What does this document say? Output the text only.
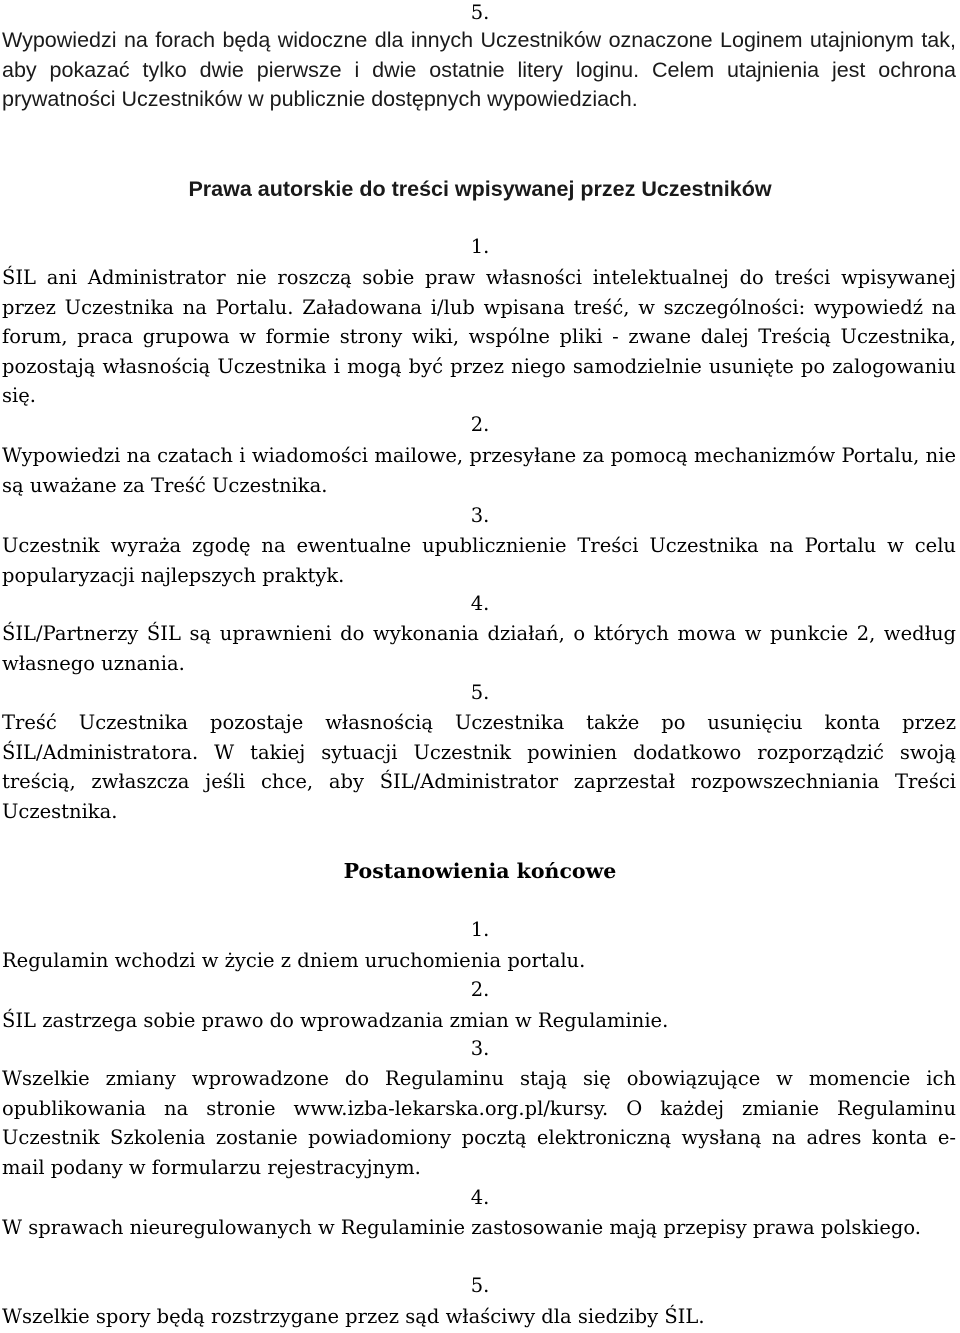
5.
Wypowiedzi na forach będą widoczne dla innych Uczestników oznaczone Loginem utajnionym tak, aby pokazać tylko dwie pierwsze i dwie ostatnie litery loginu. Celem utajnienia jest ochrona prywatności Uczestników w publicznie dostępnych wypowiedziach.
Prawa autorskie do treści wpisywanej przez Uczestników
1.
ŚIL ani Administrator nie roszczą sobie praw własności intelektualnej do treści wpisywanej przez Uczestnika na Portalu. Załadowana i/lub wpisana treść, w szczególności: wypowiedź na forum, praca grupowa w formie strony wiki, wspólne pliki - zwane dalej Treścią Uczestnika, pozostają własnością Uczestnika i mogą być przez niego samodzielnie usunięte po zalogowaniu się.
2.
Wypowiedzi na czatach i wiadomości mailowe, przesyłane za pomocą mechanizmów Portalu, nie są uważane za Treść Uczestnika.
3.
Uczestnik wyraża zgodę na ewentualne upublicznienie Treści Uczestnika na Portalu w celu popularyzacji najlepszych praktyk.
4.
ŚIL/Partnerzy ŚIL są uprawnieni do wykonania działań, o których mowa w punkcie 2, według własnego uznania.
5.
Treść Uczestnika pozostaje własnością Uczestnika także po usunięciu konta przez ŚIL/Administratora. W takiej sytuacji Uczestnik powinien dodatkowo rozporządzić swoją treścią, zwłaszcza jeśli chce, aby ŚIL/Administrator zaprzestał rozpowszechniania Treści Uczestnika.
Postanowienia końcowe
1.
Regulamin wchodzi w życie z dniem uruchomienia portalu.
2.
ŚIL zastrzega sobie prawo do wprowadzania zmian w Regulaminie.
3.
Wszelkie zmiany wprowadzone do Regulaminu stają się obowiązujące w momencie ich opublikowania na stronie www.izba-lekarska.org.pl/kursy. O każdej zmianie Regulaminu Uczestnik Szkolenia zostanie powiadomiony pocztą elektroniczną wysłaną na adres konta e-mail podany w formularzu rejestracyjnym.
4.
W sprawach nieuregulowanych w Regulaminie zastosowanie mają przepisy prawa polskiego.
5.
Wszelkie spory będą rozstrzygane przez sąd właściwy dla siedziby ŚIL.
